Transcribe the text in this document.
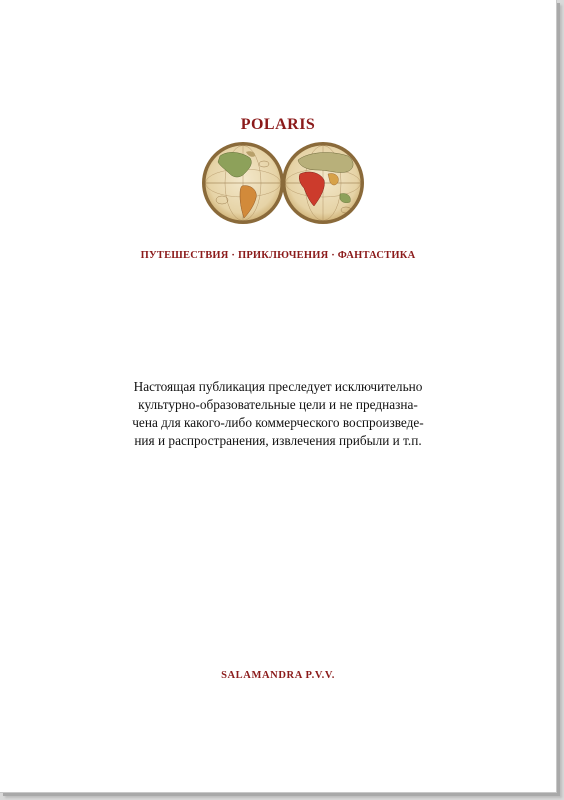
POLARIS
ПУТЕШЕСТВИЯ · ПРИКЛЮЧЕНИЯ · ФАНТАСТИКА
Настоящая публикация преследует исключительно
культурно-образовательные цели и не предназна-
чена для какого-либо коммерческого воспроизведе-
ния и распространения, извлечения прибыли и т.п.
SALAMANDRA P.V.V.
